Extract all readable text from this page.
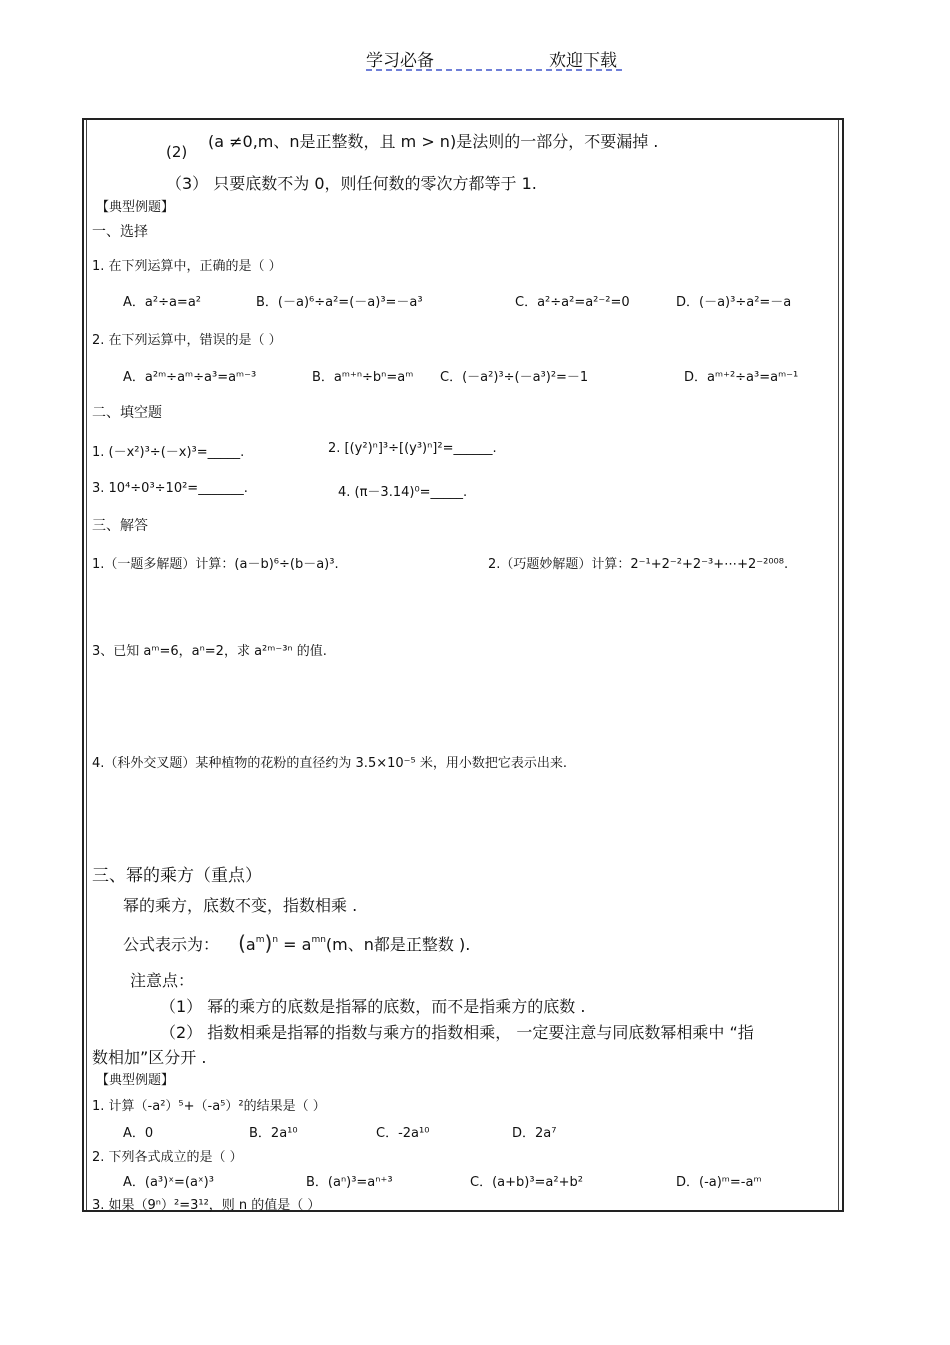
学习必备	欢迎下载
(2)
(a ≠0,m、n是正整数，且 m > n)是法则的一部分，不要漏掉 .
（3） 只要底数不为 0，则任何数的零次方都等于 1.
【典型例题】
一、选择
1. 在下列运算中，正确的是（ ）
A．a²÷a=a²	B．(－a)⁶÷a²=(－a)³=－a³	C．a²÷a²=a²⁻²=0	D．(－a)³÷a²=－a
2. 在下列运算中，错误的是（ ）
A．a²ᵐ÷aᵐ÷a³=aᵐ⁻³	B．aᵐ⁺ⁿ÷bⁿ=aᵐ C．(－a²)³÷(－a³)²=－1	D．aᵐ⁺²÷a³=aᵐ⁻¹
二、填空题
1. (－x²)³÷(－x)³=_____.	2. [(y²)ⁿ]³÷[(y³)ⁿ]²=______.
3. 10⁴÷0³÷10²=_______.	4. (π－3.14)⁰=_____.
三、解答
1.（一题多解题）计算：(a－b)⁶÷(b－a)³.	2.（巧题妙解题）计算：2⁻¹+2⁻²+2⁻³+⋯+2⁻²⁰⁰⁸.
3、已知 aᵐ=6，aⁿ=2，求 a²ᵐ⁻³ⁿ 的值.
4.（科外交叉题）某种植物的花粉的直径约为 3.5×10⁻⁵ 米，用小数把它表示出来.
三、幂的乘方（重点）
幂的乘方，底数不变，指数相乘 .
公式表示为： $(a^m)^n = a^{mn}(m$、n都是正整数 ).
注意点：
（1） 幂的乘方的底数是指幂的底数，而不是指乘方的底数 .
（2） 指数相乘是指幂的指数与乘方的指数相乘， 一定要注意与同底数幂相乘中 “指
数相加”区分开 .
【典型例题】
1. 计算（-a²）⁵+（-a⁵）²的结果是（ ）
A．0	B．2a¹⁰	C．-2a¹⁰	D．2a⁷
2. 下列各式成立的是（ ）
A．(a³)ˣ=(aˣ)³	B．(aⁿ)³=aⁿ⁺³	C．(a+b)³=a²+b²	D．(-a)ᵐ=-aᵐ
3. 如果（9ⁿ）²=3¹²，则 n 的值是（ ）
